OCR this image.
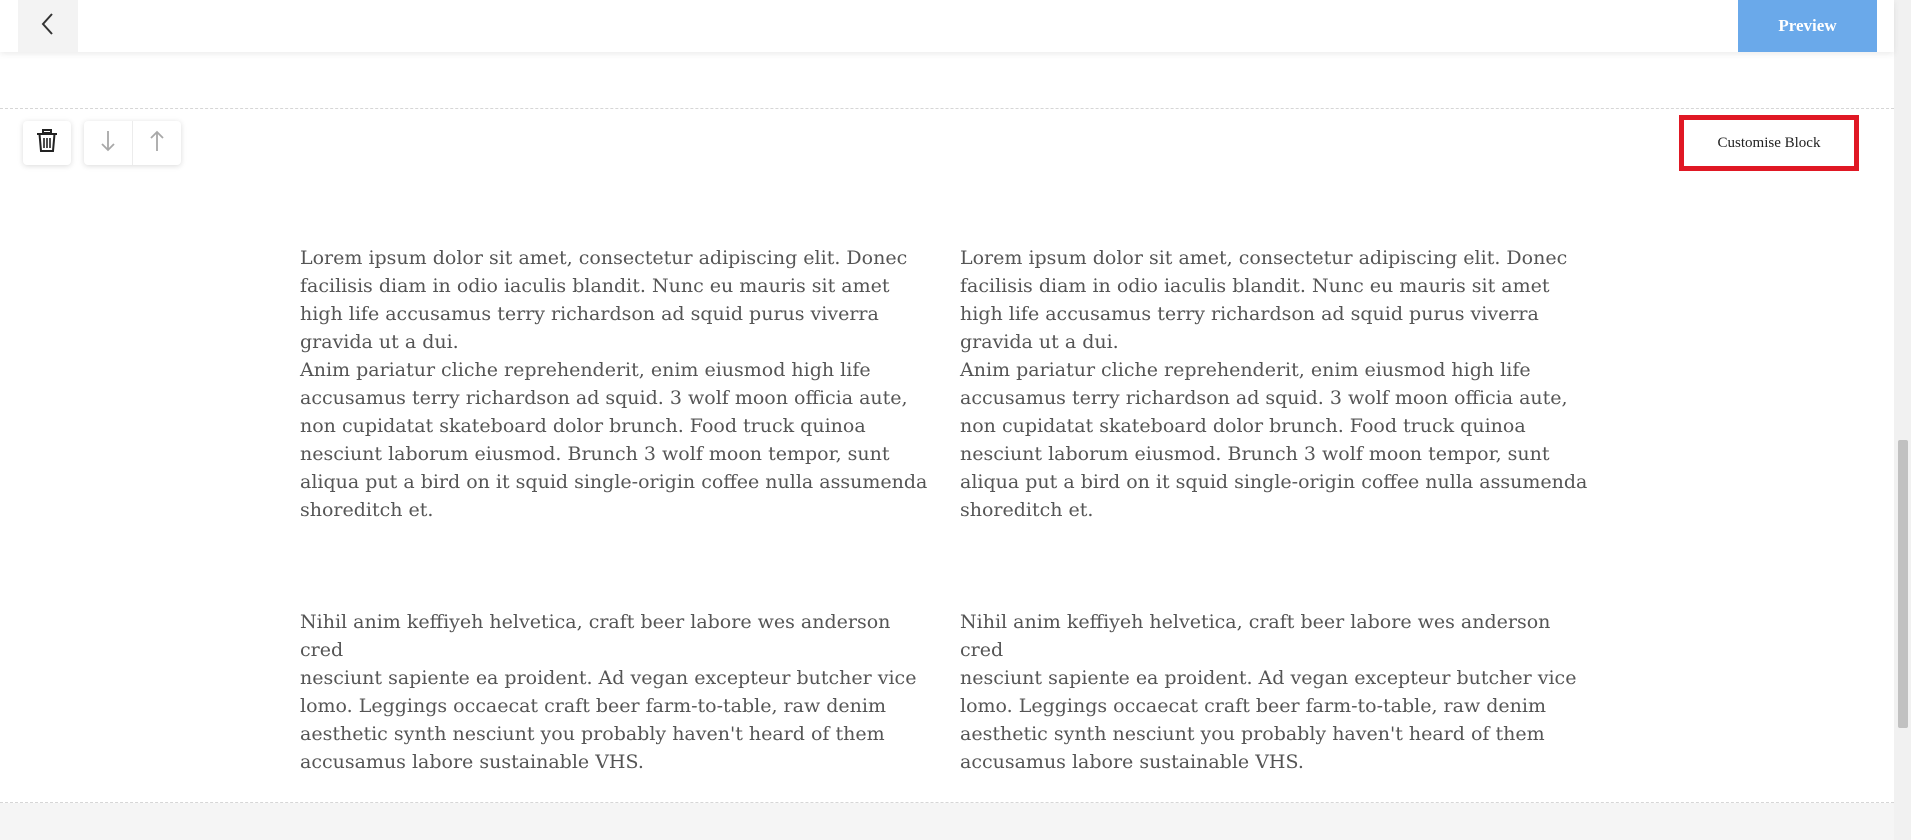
Preview
Customise Block

Lorem ipsum dolor sit amet, consectetur adipiscing elit. Donec
facilisis diam in odio iaculis blandit. Nunc eu mauris sit amet
high life accusamus terry richardson ad squid purus viverra
gravida ut a dui.
Anim pariatur cliche reprehenderit, enim eiusmod high life
accusamus terry richardson ad squid. 3 wolf moon officia aute,
non cupidatat skateboard dolor brunch. Food truck quinoa
nesciunt laborum eiusmod. Brunch 3 wolf moon tempor, sunt
aliqua put a bird on it squid single-origin coffee nulla assumenda
shoreditch et.

Nihil anim keffiyeh helvetica, craft beer labore wes anderson cred
nesciunt sapiente ea proident. Ad vegan excepteur butcher vice
lomo. Leggings occaecat craft beer farm-to-table, raw denim
aesthetic synth nesciunt you probably haven't heard of them
accusamus labore sustainable VHS.

Lorem ipsum dolor sit amet, consectetur adipiscing elit. Donec
facilisis diam in odio iaculis blandit. Nunc eu mauris sit amet
high life accusamus terry richardson ad squid purus viverra
gravida ut a dui.
Anim pariatur cliche reprehenderit, enim eiusmod high life
accusamus terry richardson ad squid. 3 wolf moon officia aute,
non cupidatat skateboard dolor brunch. Food truck quinoa
nesciunt laborum eiusmod. Brunch 3 wolf moon tempor, sunt
aliqua put a bird on it squid single-origin coffee nulla assumenda
shoreditch et.

Nihil anim keffiyeh helvetica, craft beer labore wes anderson cred
nesciunt sapiente ea proident. Ad vegan excepteur butcher vice
lomo. Leggings occaecat craft beer farm-to-table, raw denim
aesthetic synth nesciunt you probably haven't heard of them
accusamus labore sustainable VHS.
